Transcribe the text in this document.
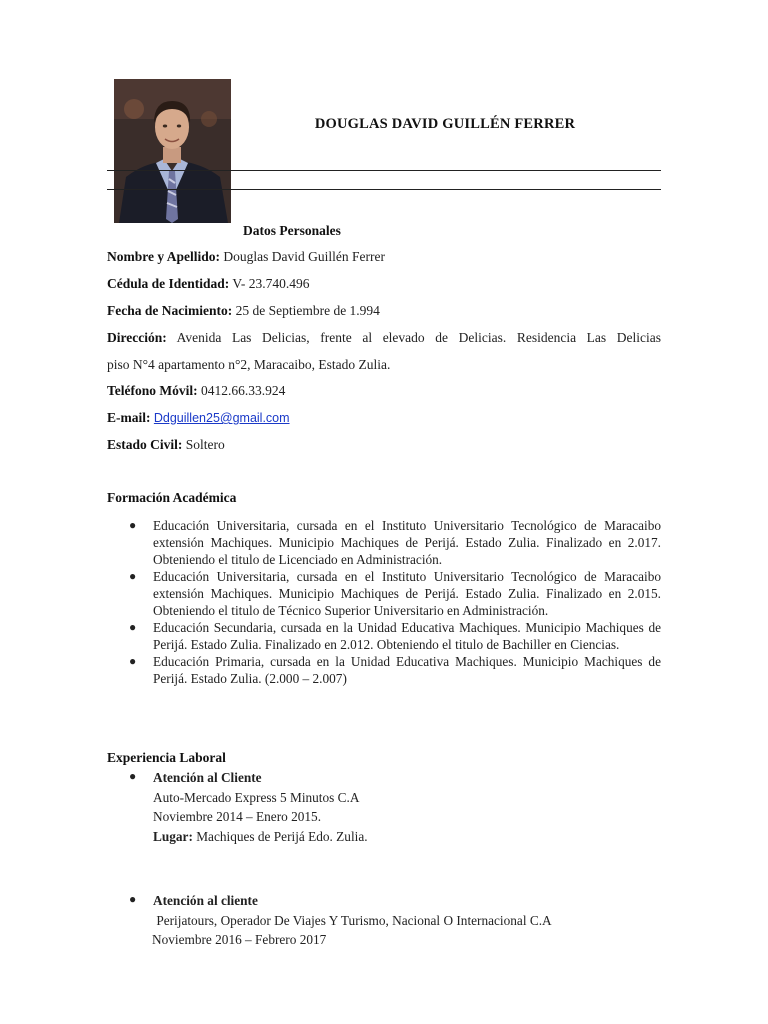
DOUGLAS DAVID GUILLÉN FERRER
Datos Personales
Nombre y Apellido: Douglas David Guillén Ferrer
Cédula de Identidad: V- 23.740.496
Fecha de Nacimiento: 25 de Septiembre de 1.994
Dirección: Avenida Las Delicias, frente al elevado de Delicias. Residencia Las Delicias
piso N°4 apartamento n°2, Maracaibo, Estado Zulia.
Teléfono Móvil: 0412.66.33.924
E-mail: Ddguillen25@gmail.com
Estado Civil: Soltero
Formación Académica
● Educación Universitaria, cursada en el Instituto Universitario Tecnológico de Maracaibo extensión Machiques. Municipio Machiques de Perijá. Estado Zulia. Finalizado en 2.017. Obteniendo el titulo de Licenciado en Administración.
● Educación Universitaria, cursada en el Instituto Universitario Tecnológico de Maracaibo extensión Machiques. Municipio Machiques de Perijá. Estado Zulia. Finalizado en 2.015. Obteniendo el titulo de Técnico Superior Universitario en Administración.
● Educación Secundaria, cursada en la Unidad Educativa Machiques. Municipio Machiques de Perijá. Estado Zulia. Finalizado en 2.012. Obteniendo el titulo de Bachiller en Ciencias.
● Educación Primaria, cursada en la Unidad Educativa Machiques. Municipio Machiques de Perijá. Estado Zulia. (2.000 – 2.007)
Experiencia Laboral
● Atención al Cliente
Auto-Mercado Express 5 Minutos C.A
Noviembre 2014 – Enero 2015.
Lugar: Machiques de Perijá Edo. Zulia.
● Atención al cliente
Perijatours, Operador De Viajes Y Turismo, Nacional O Internacional C.A
Noviembre 2016 – Febrero 2017
